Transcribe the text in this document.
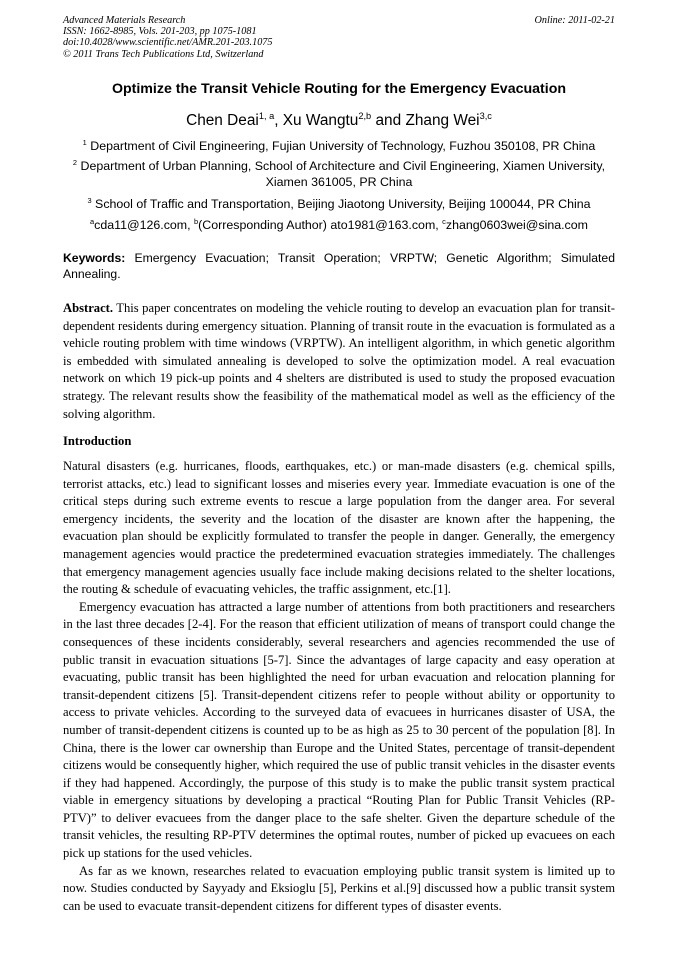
Advanced Materials Research
ISSN: 1662-8985, Vols. 201-203, pp 1075-1081
doi:10.4028/www.scientific.net/AMR.201-203.1075
© 2011 Trans Tech Publications Ltd, Switzerland
Online: 2011-02-21
Optimize the Transit Vehicle Routing for the Emergency Evacuation
Chen Deai$^{1, a}$, Xu Wangtu$^{2,b}$ and Zhang Wei$^{3,c}$
$^1$ Department of Civil Engineering, Fujian University of Technology, Fuzhou 350108, PR China
$^2$ Department of Urban Planning, School of Architecture and Civil Engineering, Xiamen University, Xiamen 361005, PR China
$^3$ School of Traffic and Transportation, Beijing Jiaotong University, Beijing 100044, PR China
$^a$cda11@126.com, $^b$(Corresponding Author) ato1981@163.com, $^c$zhang0603wei@sina.com
Keywords: Emergency Evacuation; Transit Operation; VRPTW; Genetic Algorithm; Simulated Annealing.

Abstract. This paper concentrates on modeling the vehicle routing to develop an evacuation plan for transit-dependent residents during emergency situation. Planning of transit route in the evacuation is formulated as a vehicle routing problem with time windows (VRPTW). An intelligent algorithm, in which genetic algorithm is embedded with simulated annealing is developed to solve the optimization model. A real evacuation network on which 19 pick-up points and 4 shelters are distributed is used to study the proposed evacuation strategy. The relevant results show the feasibility of the mathematical model as well as the efficiency of the solving algorithm.

Introduction

Natural disasters (e.g. hurricanes, floods, earthquakes, etc.) or man-made disasters (e.g. chemical spills, terrorist attacks, etc.) lead to significant losses and miseries every year. Immediate evacuation is one of the critical steps during such extreme events to rescue a large population from the danger area. For several emergency incidents, the severity and the location of the disaster are known after the happening, the evacuation plan should be explicitly formulated to transfer the people in danger. Generally, the emergency management agencies would practice the predetermined evacuation strategies immediately. The challenges that emergency management agencies usually face include making decisions related to the shelter locations, the routing & schedule of evacuating vehicles, the traffic assignment, etc.[1].

Emergency evacuation has attracted a large number of attentions from both practitioners and researchers in the last three decades [2-4]. For the reason that efficient utilization of means of transport could change the consequences of these incidents considerably, several researchers and agencies recommended the use of public transit in evacuation situations [5-7]. Since the advantages of large capacity and easy operation at evacuating, public transit has been highlighted the need for urban evacuation and relocation planning for transit-dependent citizens [5]. Transit-dependent citizens refer to people without ability or opportunity to access to private vehicles. According to the surveyed data of evacuees in hurricanes disaster of USA, the number of transit-dependent citizens is counted up to be as high as 25 to 30 percent of the population [8]. In China, there is the lower car ownership than Europe and the United States, percentage of transit-dependent citizens would be consequently higher, which required the use of public transit vehicles in the disaster events if they had happened. Accordingly, the purpose of this study is to make the public transit system practical viable in emergency situations by developing a practical “Routing Plan for Public Transit Vehicles (RP-PTV)” to deliver evacuees from the danger place to the safe shelter. Given the departure schedule of the transit vehicles, the resulting RP-PTV determines the optimal routes, number of picked up evacuees on each pick up stations for the used vehicles.

As far as we known, researches related to evacuation employing public transit system is limited up to now. Studies conducted by Sayyady and Eksioglu [5], Perkins et al.[9] discussed how a public transit system can be used to evacuate transit-dependent citizens for different types of disaster events.
